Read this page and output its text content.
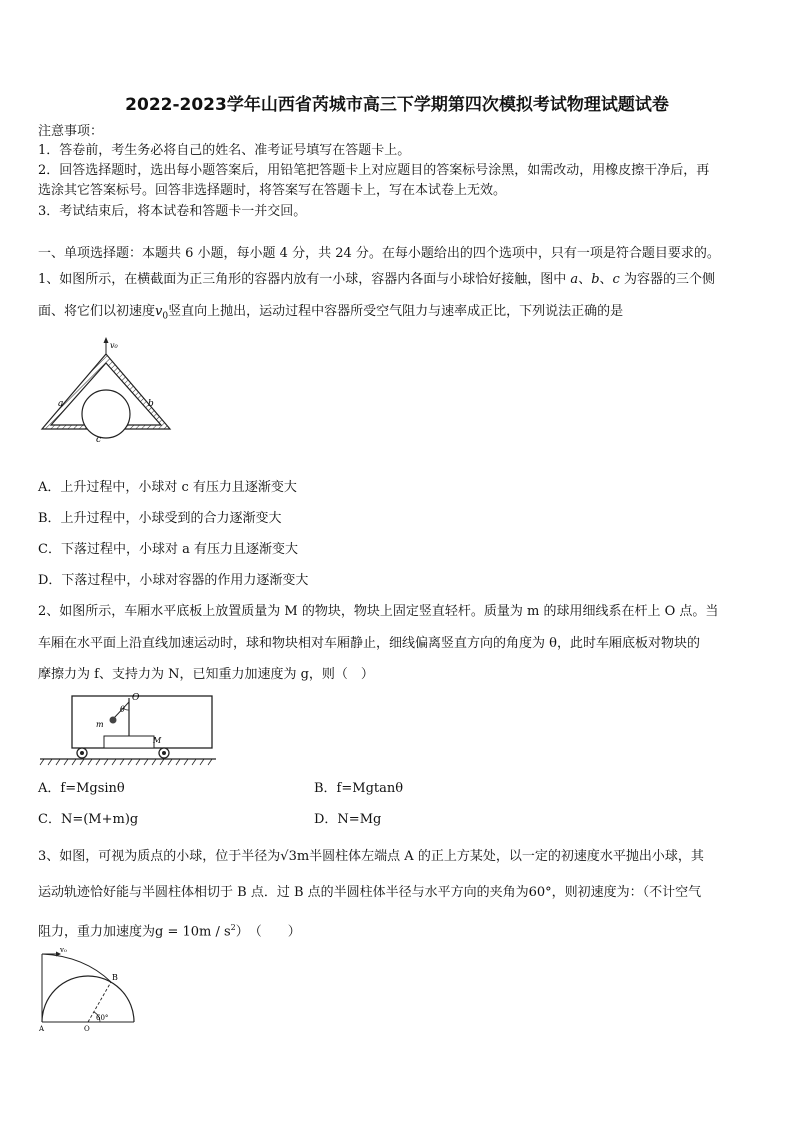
2022-2023学年山西省芮城市高三下学期第四次模拟考试物理试题试卷
注意事项：
1．答卷前，考生务必将自己的姓名、准考证号填写在答题卡上。
2．回答选择题时，选出每小题答案后，用铅笔把答题卡上对应题目的答案标号涂黑，如需改动，用橡皮擦干净后，再
选涂其它答案标号。回答非选择题时，将答案写在答题卡上，写在本试卷上无效。
3．考试结束后，将本试卷和答题卡一并交回。
一、单项选择题：本题共 6 小题，每小题 4 分，共 24 分。在每小题给出的四个选项中，只有一项是符合题目要求的。
1、如图所示，在横截面为正三角形的容器内放有一小球，容器内各面与小球恰好接触，图中 a、b、c 为容器的三个侧
面、将它们以初速度$v_0$竖直向上抛出，运动过程中容器所受空气阻力与速率成正比，下列说法正确的是
v₀
a	b
c
A．上升过程中，小球对 c 有压力且逐渐变大
B．上升过程中，小球受到的合力逐渐变大
C．下落过程中，小球对 a 有压力且逐渐变大
D．下落过程中，小球对容器的作用力逐渐变大
2、如图所示，车厢水平底板上放置质量为 M 的物块，物块上固定竖直轻杆。质量为 m 的球用细线系在杆上 O 点。当
车厢在水平面上沿直线加速运动时，球和物块相对车厢静止，细线偏离竖直方向的角度为 θ，此时车厢底板对物块的
摩擦力为 f、支持力为 N，已知重力加速度为 g，则（　）
O
θ
m
M
A．f=Mgsinθ	B．f=Mgtanθ
C．N=(M+m)g	D．N=Mg
3、如图，可视为质点的小球，位于半径为√3m半圆柱体左端点 A 的正上方某处，以一定的初速度水平抛出小球，其
运动轨迹恰好能与半圆柱体相切于 B 点．过 B 点的半圆柱体半径与水平方向的夹角为60°，则初速度为：（不计空气
阻力，重力加速度为$g = 10m / s^2$）　（　　）
v₀
B
A	O
60°
